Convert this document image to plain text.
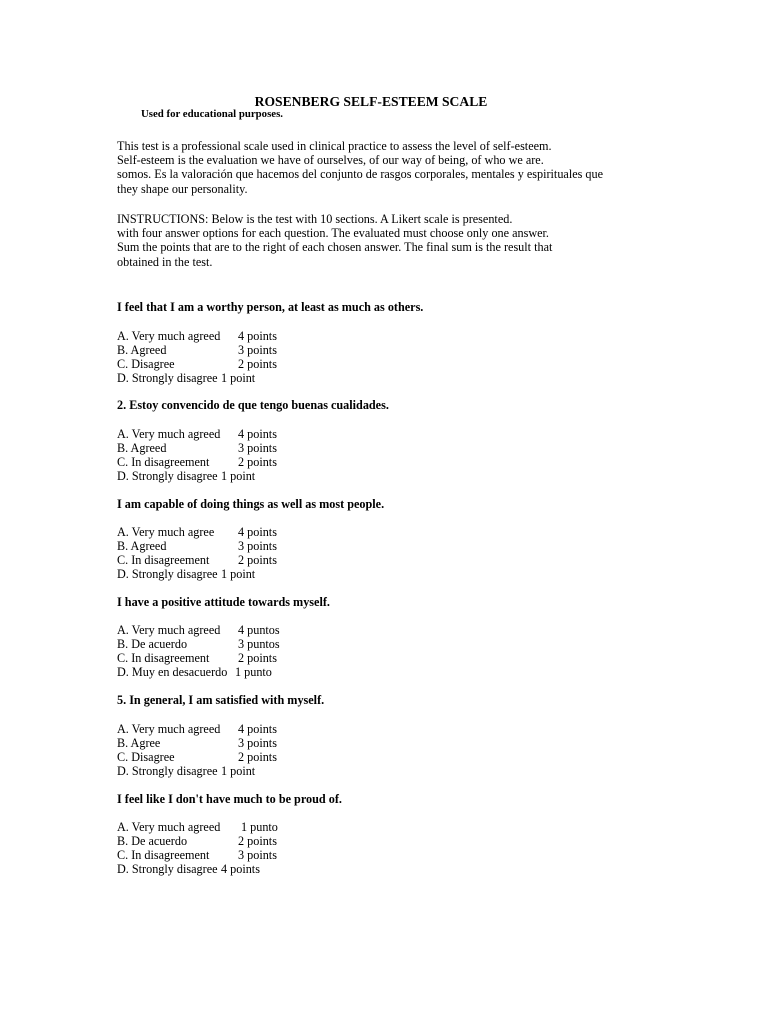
ROSENBERG SELF-ESTEEM SCALE
Used for educational purposes.
This test is a professional scale used in clinical practice to assess the level of self-esteem.
Self-esteem is the evaluation we have of ourselves, of our way of being, of who we are.
somos. Es la valoración que hacemos del conjunto de rasgos corporales, mentales y espirituales que
they shape our personality.
INSTRUCTIONS: Below is the test with 10 sections. A Likert scale is presented.
with four answer options for each question. The evaluated must choose only one answer.
Sum the points that are to the right of each chosen answer. The final sum is the result that
obtained in the test.
I feel that I am a worthy person, at least as much as others.
A. Very much agreed 4 points
B. Agreed	3 points
C. Disagree	2 points
D. Strongly disagree 1 point
2. Estoy convencido de que tengo buenas cualidades.
A. Very much agreed 4 points
B. Agreed	3 points
C. In disagreement 2 points
D. Strongly disagree 1 point
I am capable of doing things as well as most people.
A. Very much agree 4 points
B. Agreed	3 points
C. In disagreement 2 points
D. Strongly disagree 1 point
I have a positive attitude towards myself.
A. Very much agreed 4 puntos
B. De acuerdo	3 puntos
C. In disagreement 2 points
D. Muy en desacuerdo 1 punto
5. In general, I am satisfied with myself.
A. Very much agreed 4 points
B. Agree	3 points
C. Disagree	2 points
D. Strongly disagree 1 point
I feel like I don't have much to be proud of.
A. Very much agreed 1 punto
B. De acuerdo	2 points
C. In disagreement 3 points
D. Strongly disagree 4 points
